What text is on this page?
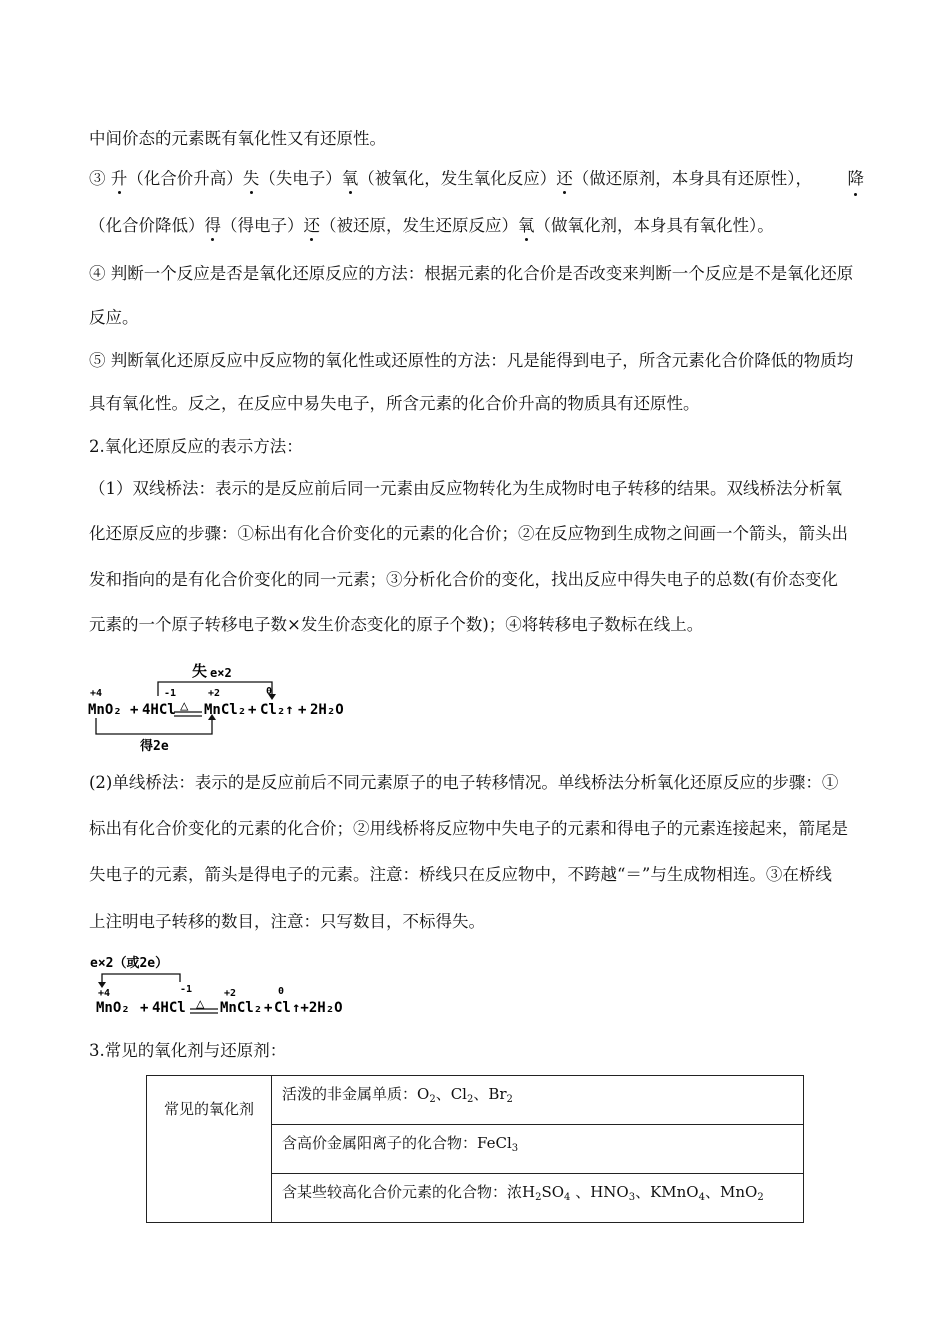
中间价态的元素既有氧化性又有还原性。
③ 升（化合价升高）失（失电子）氧（被氧化，发生氧化反应）还（做还原剂，本身具有还原性）， 降
（化合价降低）得（得电子）还（被还原，发生还原反应）氧（做氧化剂，本身具有氧化性）。
④ 判断一个反应是否是氧化还原反应的方法：根据元素的化合价是否改变来判断一个反应是不是氧化还原
反应。
⑤ 判断氧化还原反应中反应物的氧化性或还原性的方法：凡是能得到电子，所含元素化合价降低的物质均
具有氧化性。反之，在反应中易失电子，所含元素的化合价升高的物质具有还原性。
2.氧化还原反应的表示方法：
（1）双线桥法：表示的是反应前后同一元素由反应物转化为生成物时电子转移的结果。双线桥法分析氧
化还原反应的步骤：①标出有化合价变化的元素的化合价；②在反应物到生成物之间画一个箭头，箭头出
发和指向的是有化合价变化的同一元素；③分析化合价的变化，找出反应中得失电子的总数(有价态变化
元素的一个原子转移电子数×发生价态变化的原子个数)；④将转移电子数标在线上。
失 e×2
得2e
+4	-1	+2	0
MnO₂ + 4HCl △ MnCl₂ + Cl₂↑ + 2H₂O
(2)单线桥法：表示的是反应前后不同元素原子的电子转移情况。单线桥法分析氧化还原反应的步骤：①
标出有化合价变化的元素的化合价；②用线桥将反应物中失电子的元素和得电子的元素连接起来，箭尾是
失电子的元素，箭头是得电子的元素。注意：桥线只在反应物中，不跨越“＝”与生成物相连。③在桥线
上注明电子转移的数目，注意：只写数目，不标得失。
e×2（或2e）
+4	-1	+2	0
MnO₂ + 4HCl △ MnCl₂ + Cl ↑+2H₂O
3.常见的氧化剂与还原剂：
常见的氧化剂	活泼的非金属单质：$O_2$、$Cl_2$、$Br_2$
含高价金属阳离子的化合物：FeCl$_3$
含某些较高化合价元素的化合物：浓$H_2SO_4$ 、$HNO_3$、KMnO$_4$、MnO$_2$
